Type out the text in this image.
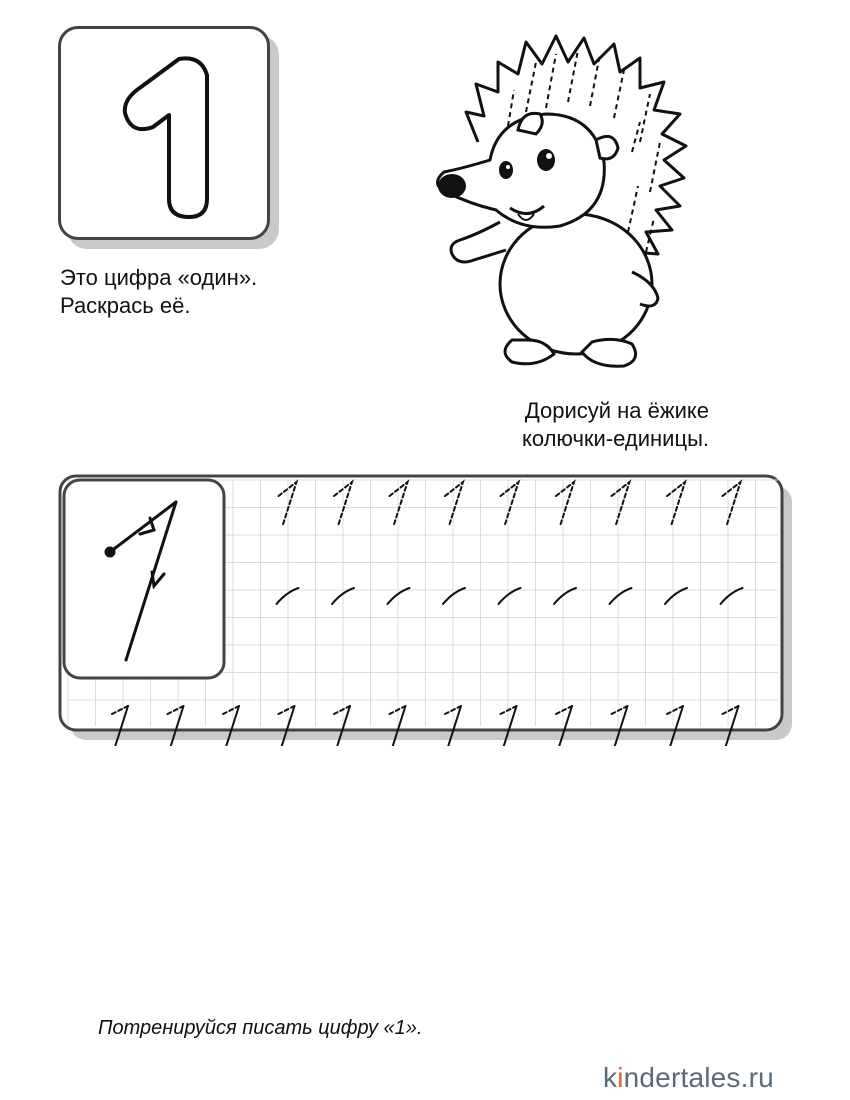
Это цифра «один».
Раскрась её.
Дорисуй на ёжике
колючки-единицы.
Потренируйся писать цифру «1».
kindertales.ru
